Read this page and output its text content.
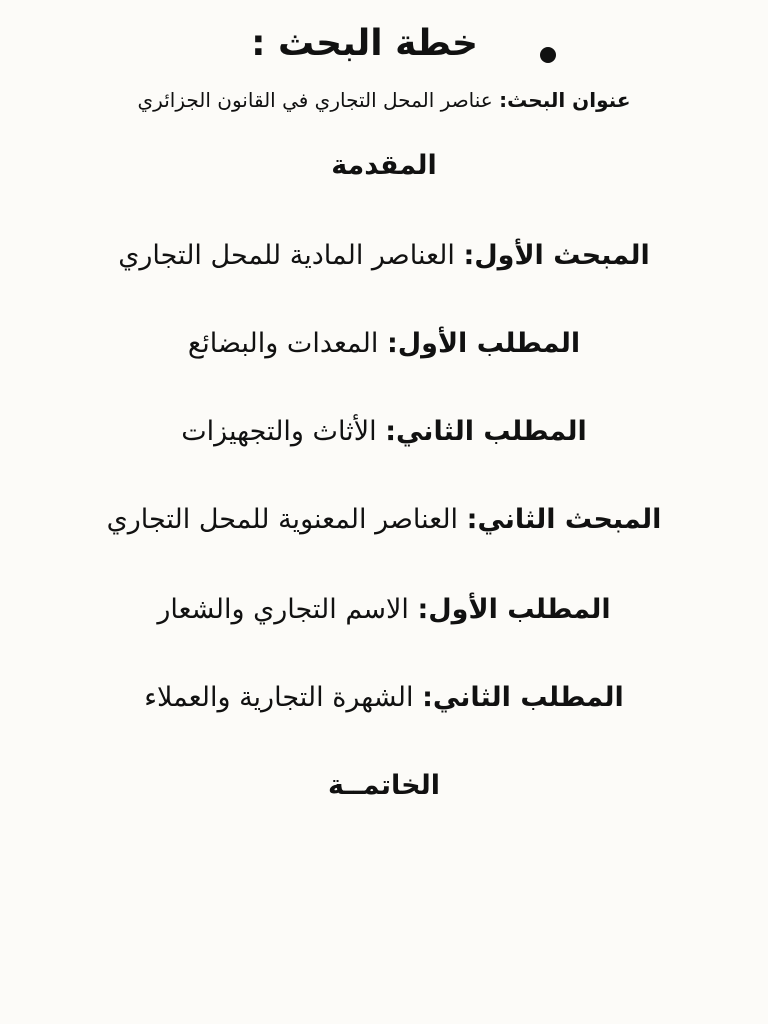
خطة البحث :
عنوان البحث: عناصر المحل التجاري في القانون الجزائري
المقدمة
المبحث الأول: العناصر المادية للمحل التجاري
المطلب الأول: المعدات والبضائع
المطلب الثاني: الأثاث والتجهيزات
المبحث الثاني: العناصر المعنوية للمحل التجاري
المطلب الأول: الاسم التجاري والشعار
المطلب الثاني: الشهرة التجارية والعملاء
الخاتمــة
